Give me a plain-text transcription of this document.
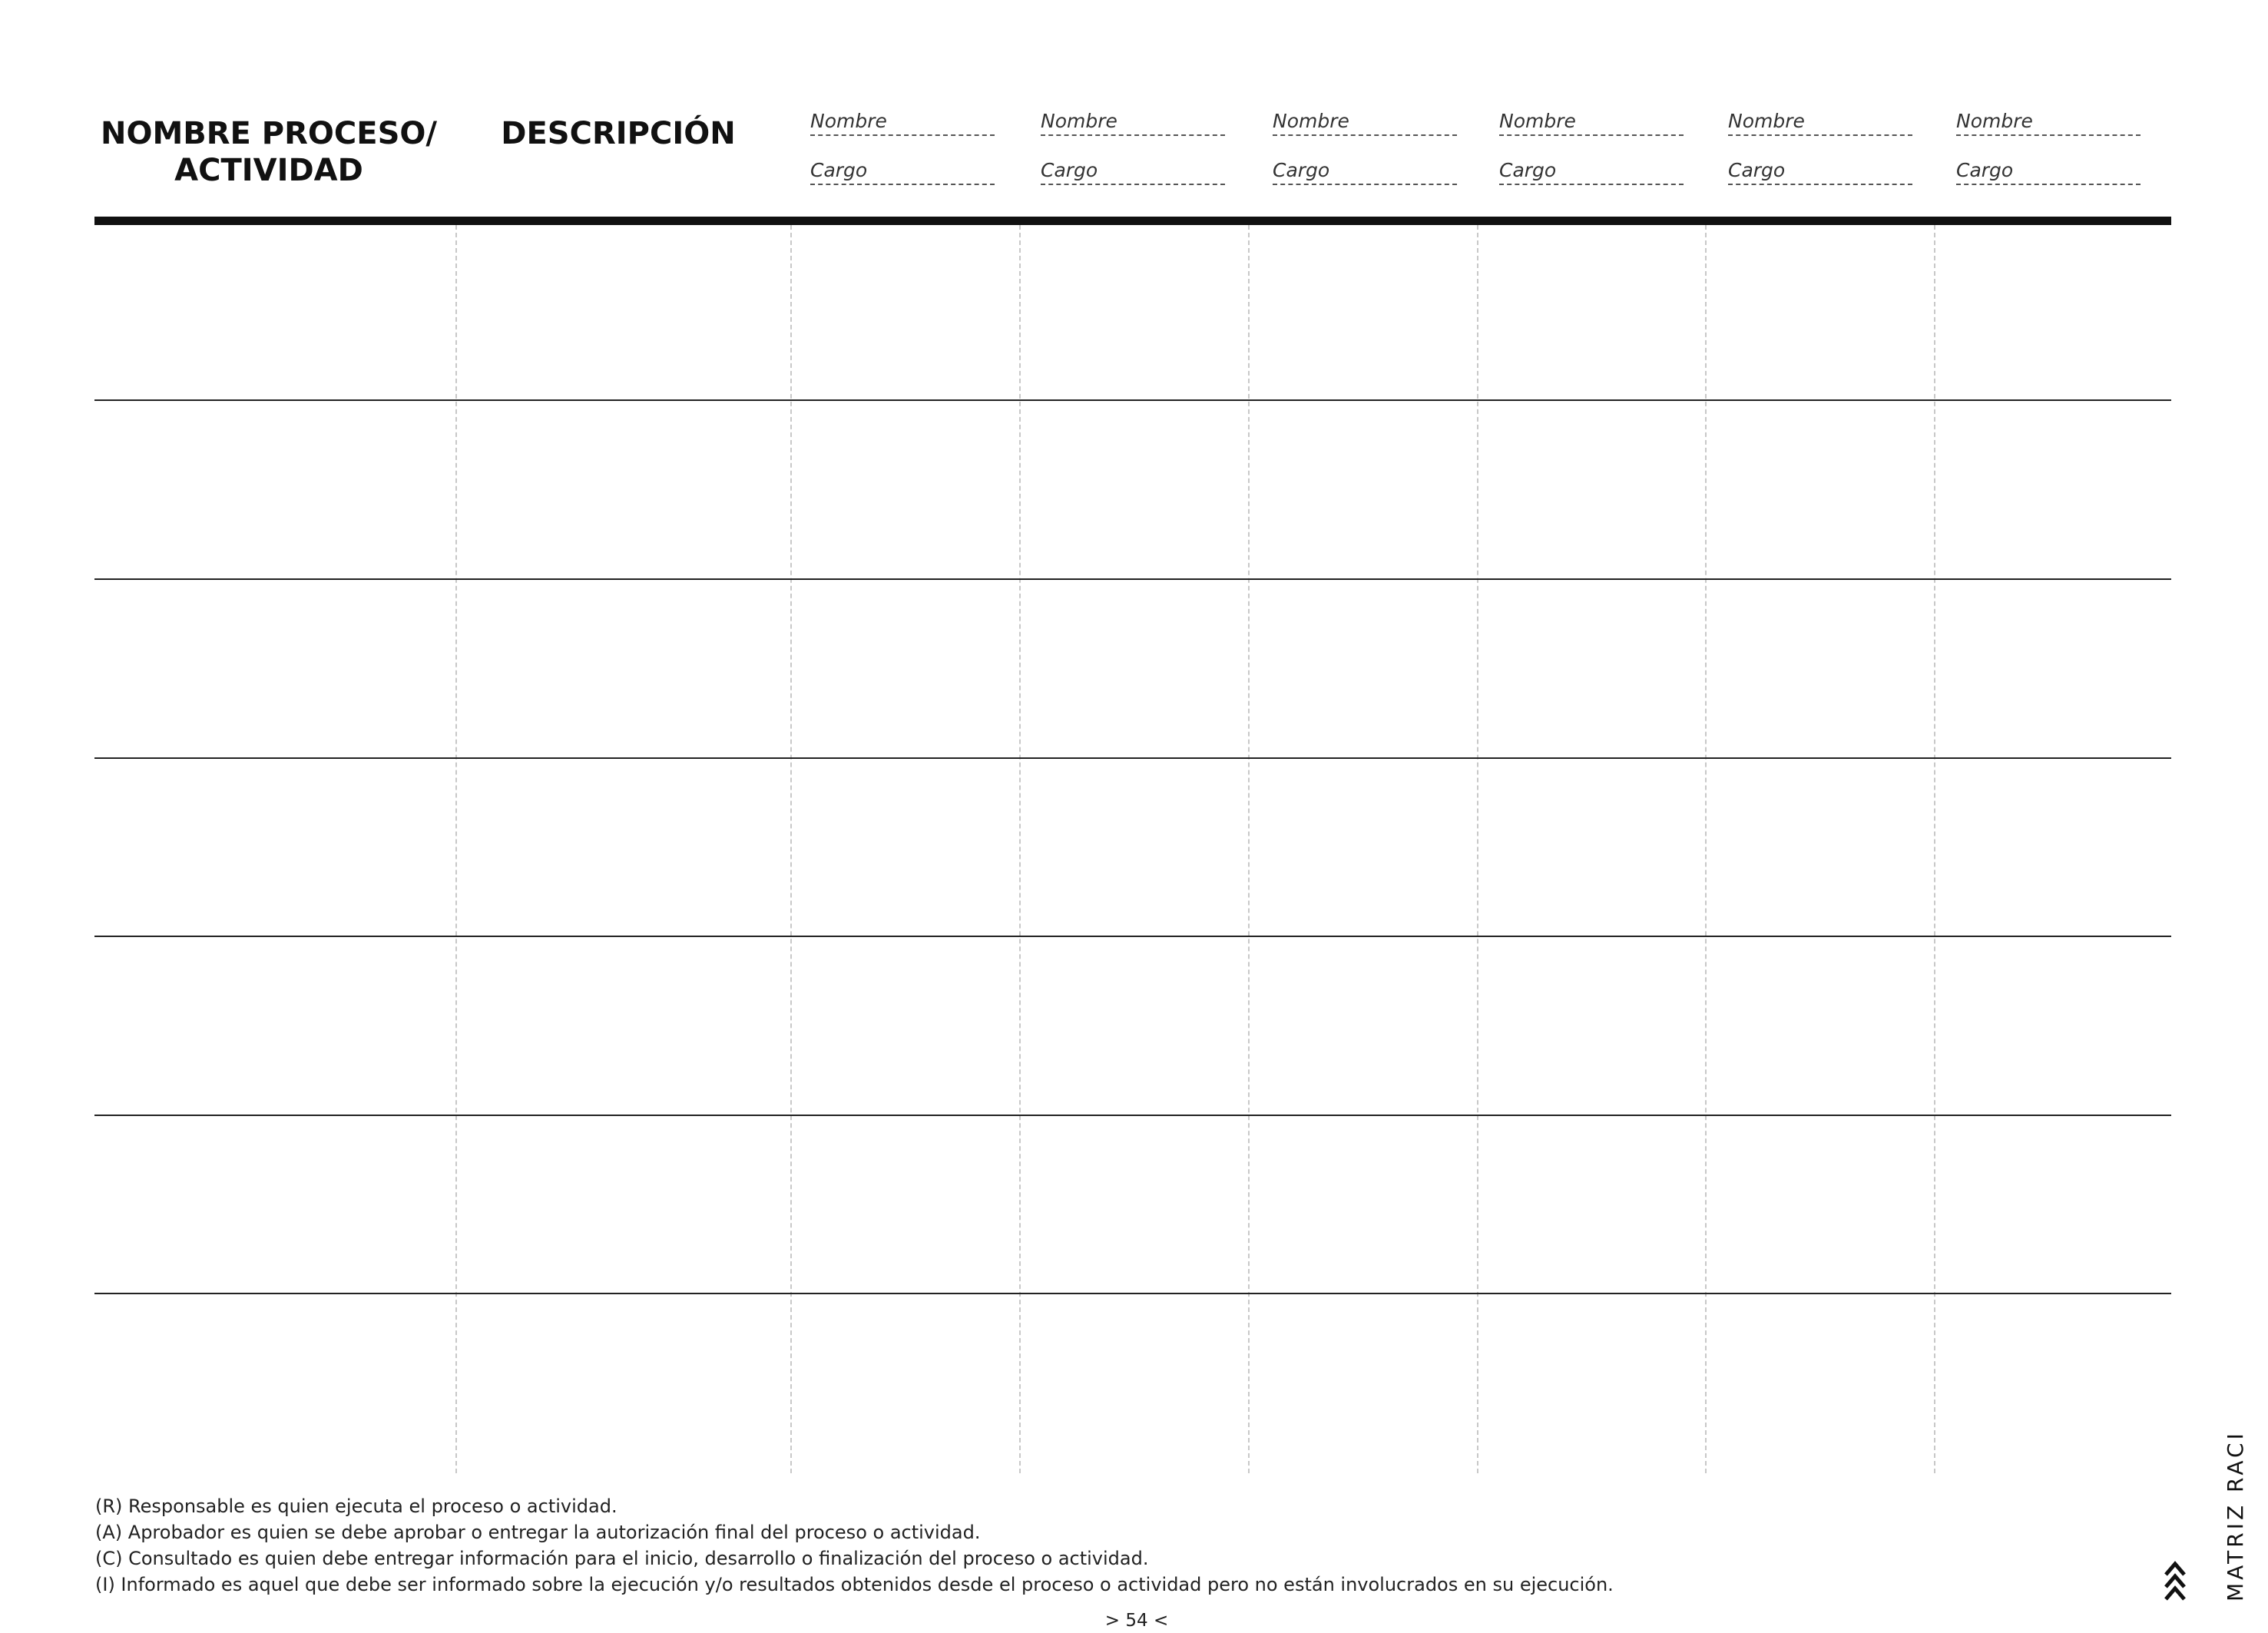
NOMBRE PROCESO/
ACTIVIDAD
DESCRIPCIÓN	Nombre
Cargo
Nombre
Cargo
Nombre
Cargo
Nombre
Cargo
Nombre
Cargo
Nombre
Cargo
(R) Responsable es quien ejecuta el proceso o actividad.
(A) Aprobador es quien se debe aprobar o entregar la autorización final del proceso o actividad.
(C) Consultado es quien debe entregar información para el inicio, desarrollo o finalización del proceso o actividad.
(I) Informado es aquel que debe ser informado sobre la ejecución y/o resultados obtenidos desde el proceso o actividad pero no están involucrados en su ejecución.
> 54 <
MATRIZ RACI
